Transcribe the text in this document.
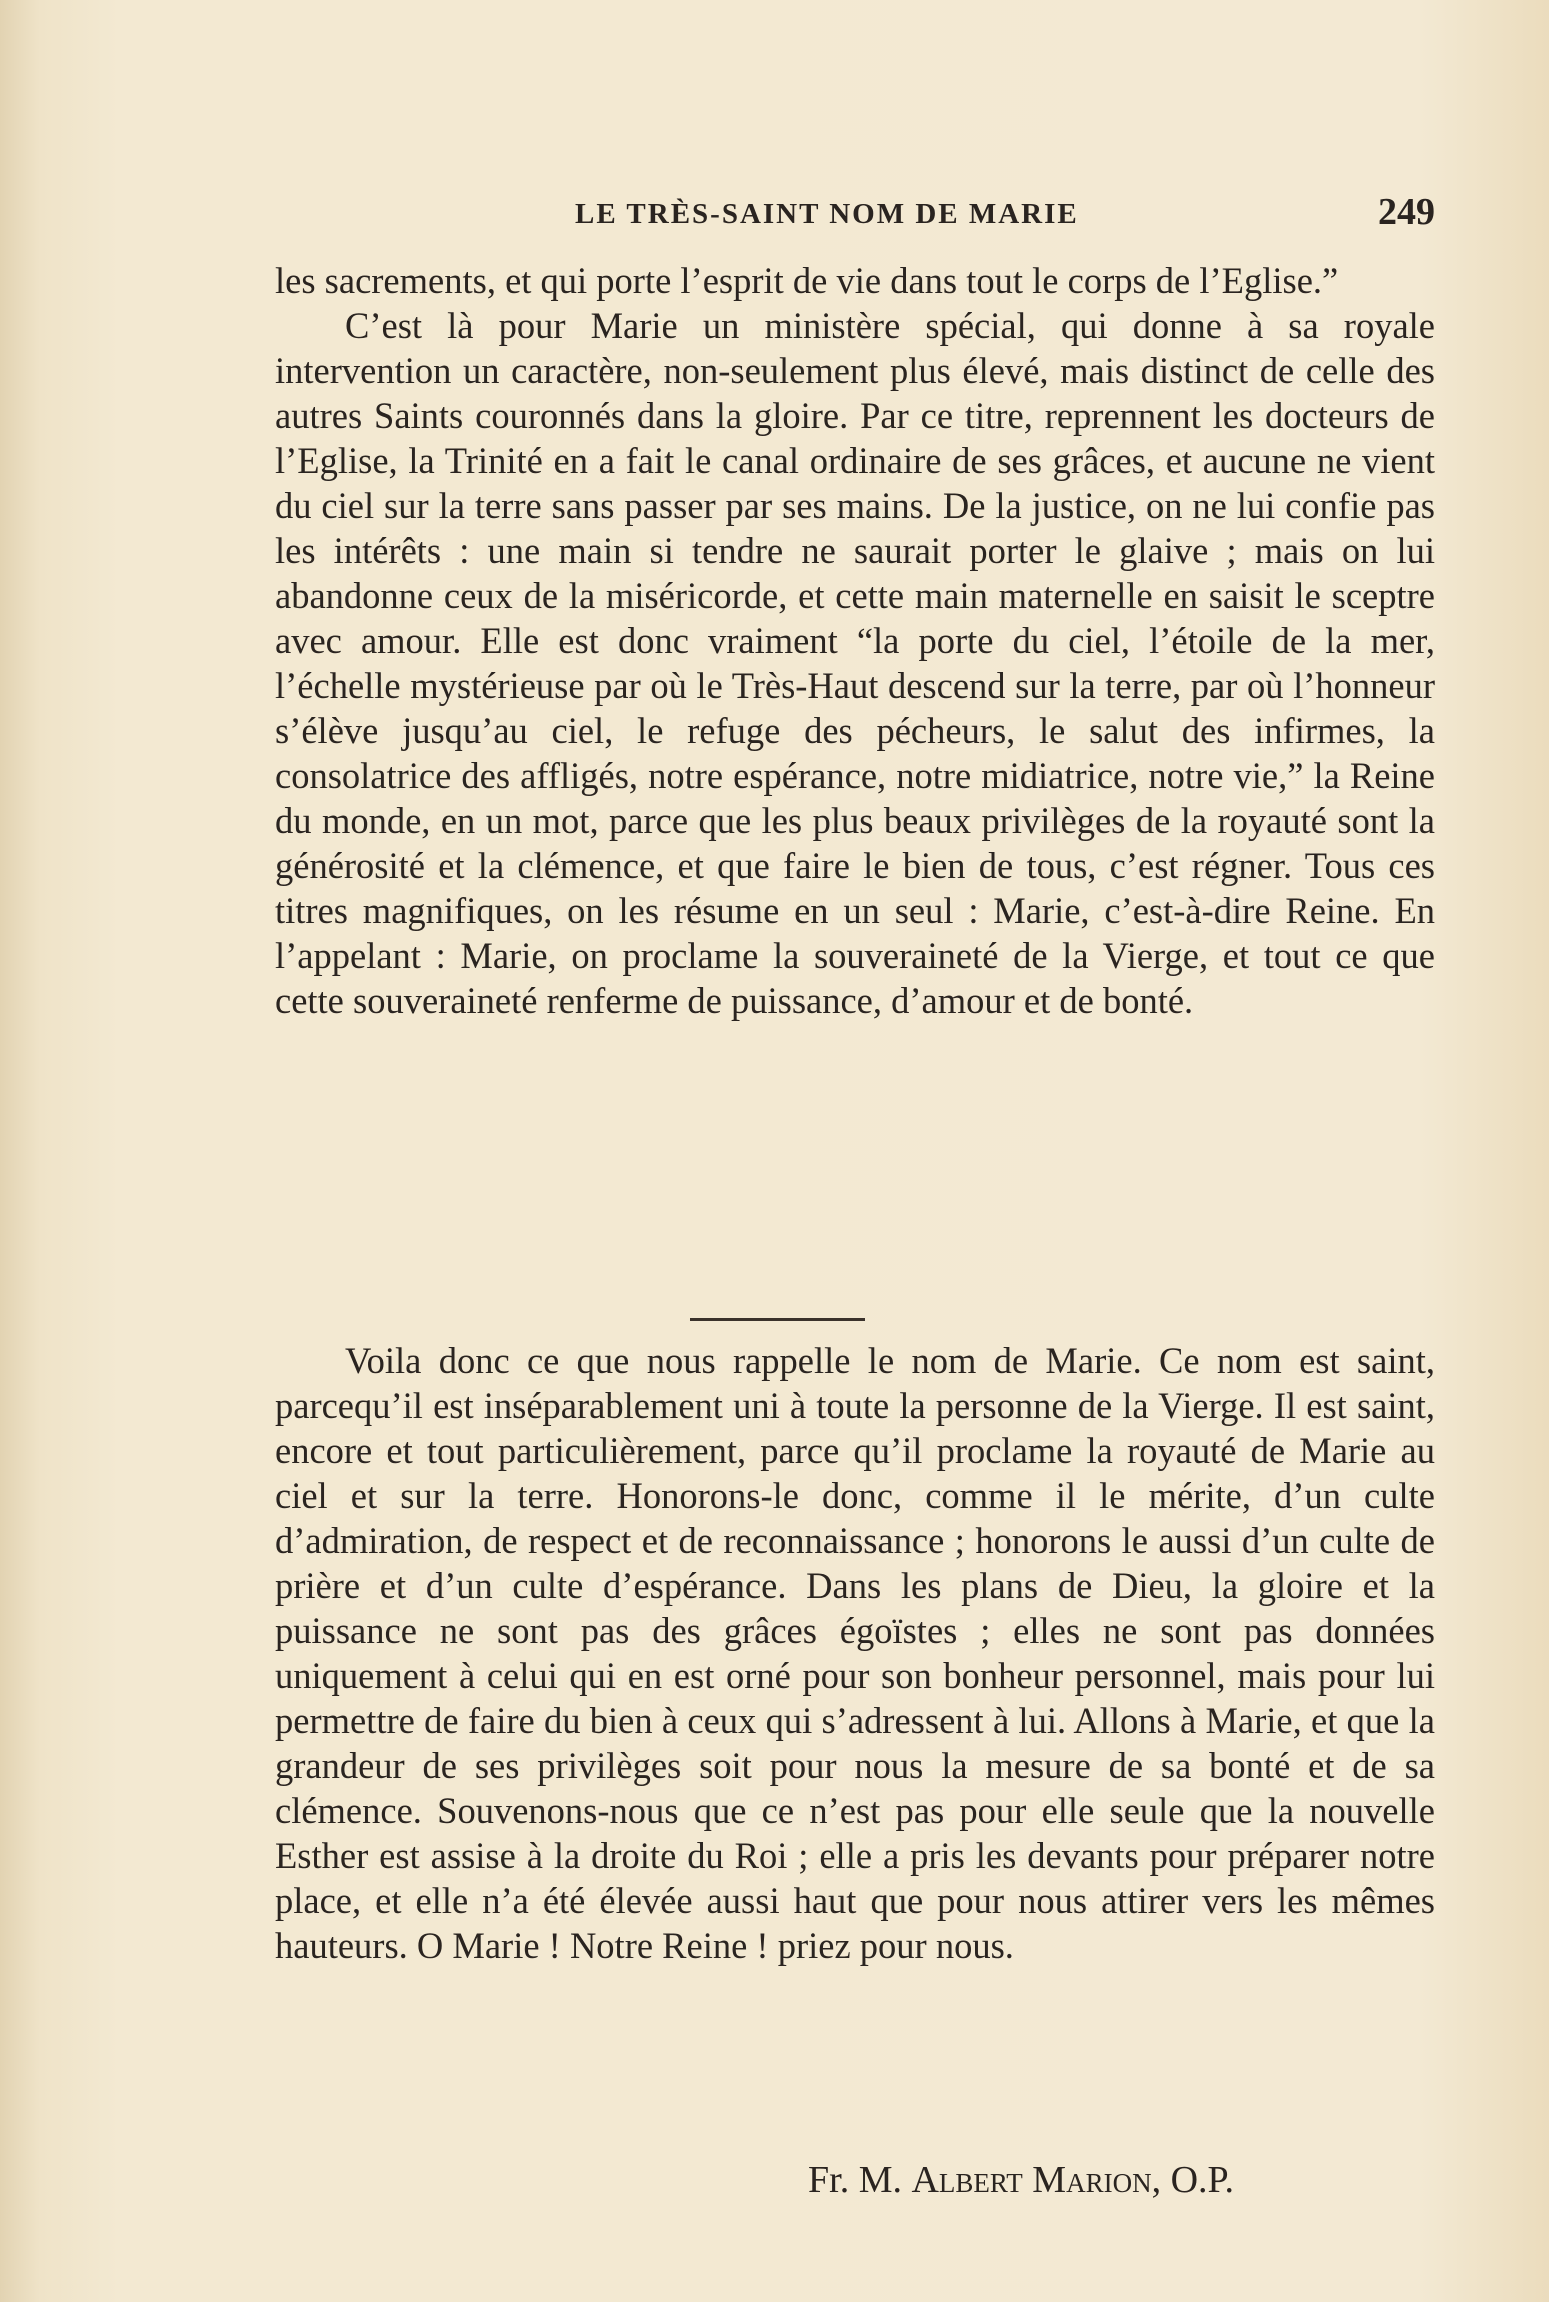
LE TRÈS-SAINT NOM DE MARIE	249

les sacrements, et qui porte l’esprit de vie dans tout le corps de l’Eglise.”

C’est là pour Marie un ministère spécial, qui donne à sa royale intervention un caractère, non-seulement plus élevé, mais distinct de celle des autres Saints couronnés dans la gloire. Par ce titre, reprennent les docteurs de l’Eglise, la Trinité en a fait le canal ordinaire de ses grâces, et aucune ne vient du ciel sur la terre sans passer par ses mains. De la justice, on ne lui confie pas les intérêts : une main si tendre ne saurait porter le glaive ; mais on lui abandonne ceux de la miséricorde, et cette main maternelle en saisit le sceptre avec amour. Elle est donc vraiment “la porte du ciel, l’étoile de la mer, l’échelle mystérieuse par où le Très-Haut descend sur la terre, par où l’honneur s’élève jusqu’au ciel, le refuge des pécheurs, le salut des infirmes, la consolatrice des affligés, notre espérance, notre midiatrice, notre vie,” la Reine du monde, en un mot, parce que les plus beaux privilèges de la royauté sont la générosité et la clémence, et que faire le bien de tous, c’est régner. Tous ces titres magnifiques, on les résume en un seul : Marie, c’est-à-dire Reine. En l’appelant : Marie, on proclame la souveraineté de la Vierge, et tout ce que cette souveraineté renferme de puissance, d’amour et de bonté.

Voila donc ce que nous rappelle le nom de Marie. Ce nom est saint, parcequ’il est inséparablement uni à toute la personne de la Vierge. Il est saint, encore et tout particulièrement, parce qu’il proclame la royauté de Marie au ciel et sur la terre. Honorons-le donc, comme il le mérite, d’un culte d’admiration, de respect et de reconnaissance ; honorons le aussi d’un culte de prière et d’un culte d’espérance. Dans les plans de Dieu, la gloire et la puissance ne sont pas des grâces égoïstes ; elles ne sont pas données uniquement à celui qui en est orné pour son bonheur personnel, mais pour lui permettre de faire du bien à ceux qui s’adressent à lui. Allons à Marie, et que la grandeur de ses privilèges soit pour nous la mesure de sa bonté et de sa clémence. Souvenons-nous que ce n’est pas pour elle seule que la nouvelle Esther est assise à la droite du Roi ; elle a pris les devants pour préparer notre place, et elle n’a été élevée aussi haut que pour nous attirer vers les mêmes hauteurs. O Marie ! Notre Reine ! priez pour nous.

Fr. M. Albert Marion, O.P.
